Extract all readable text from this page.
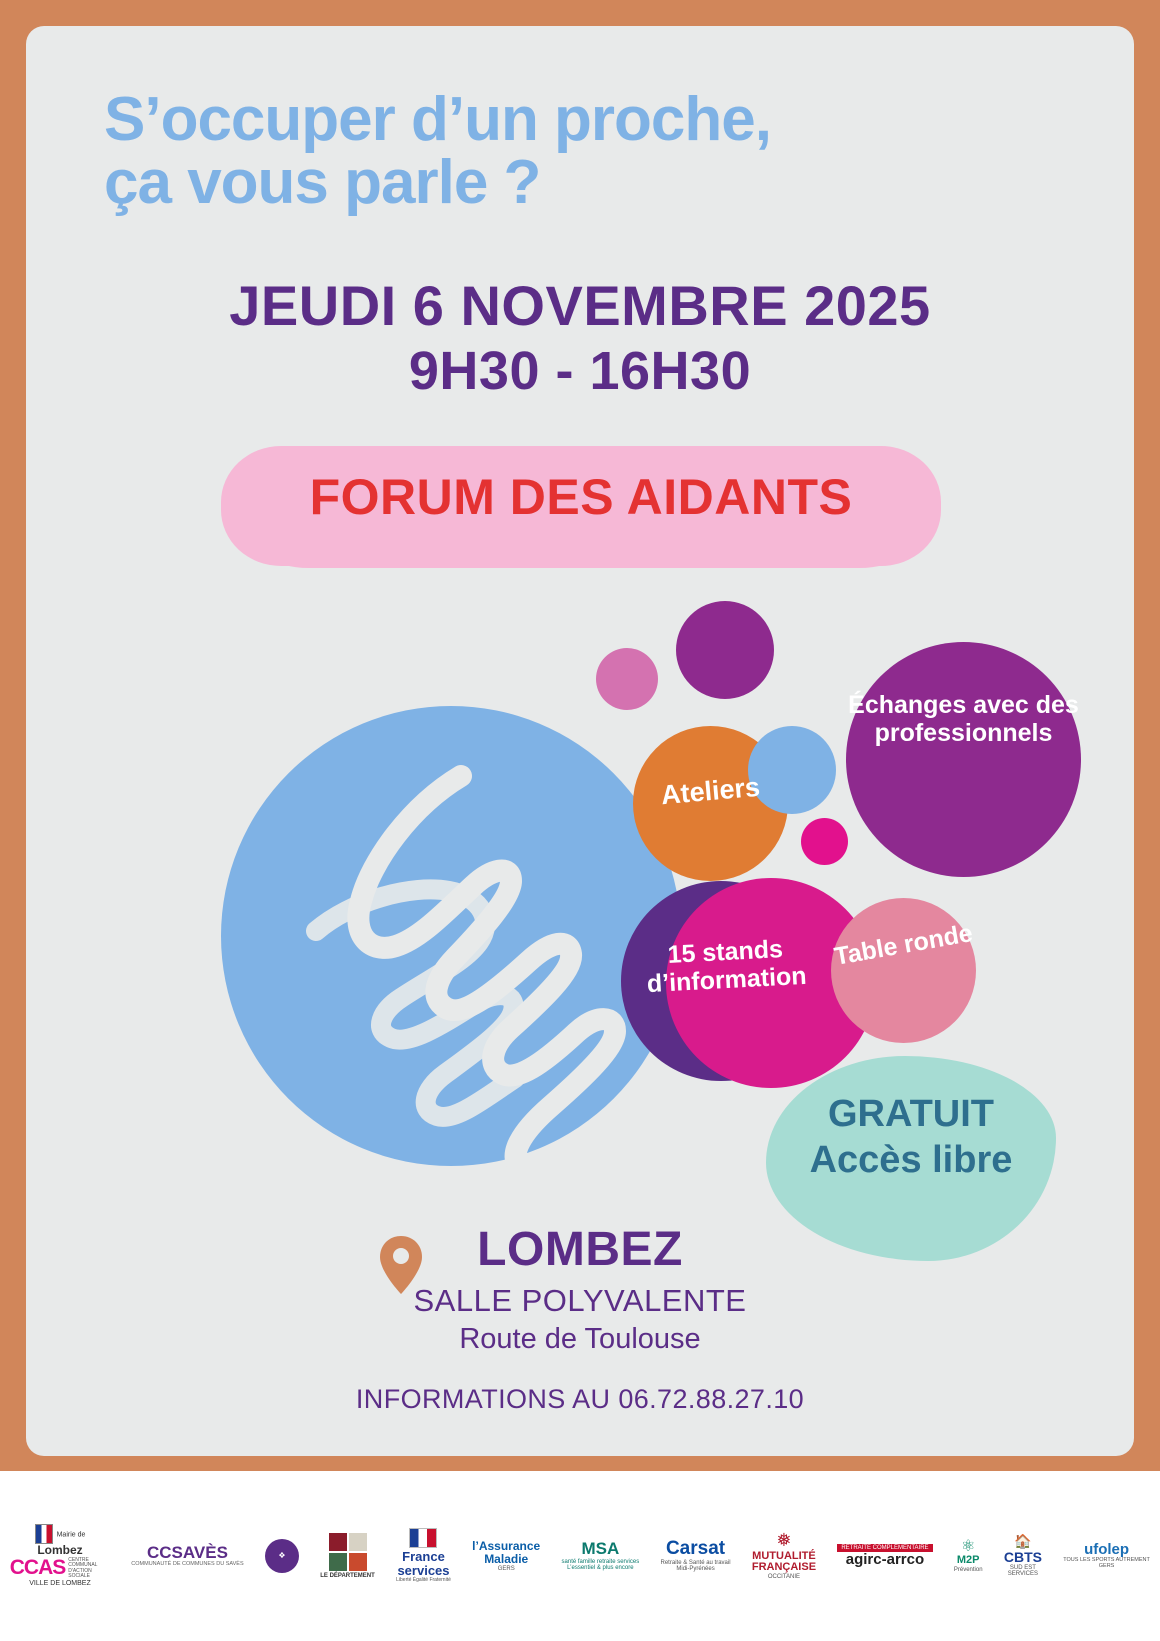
S’occuper d’un proche,
ça vous parle ?
JEUDI 6 NOVEMBRE 2025
9H30 - 16H30
FORUM DES AIDANTS
Ateliers
Échanges avec des professionnels
15 stands d’information
Table ronde
GRATUIT
Accès libre
LOMBEZ
SALLE POLYVALENTE
Route de Toulouse
INFORMATIONS AU 06.72.88.27.10
Mairie de
Lombez
CCAS CENTRE COMMUNAL D'ACTION SOCIALE
VILLE DE LOMBEZ
CCSAVÈS
COMMUNAUTÉ DE COMMUNES DU SAVÈS
❖
LE DÉPARTEMENT
France
services
Liberté Égalité Fraternité
l’Assurance
Maladie
GERS
MSA
santé famille retraite services
L’essentiel & plus encore
Carsat
Retraite & Santé au travail
Midi-Pyrénées
❅
MUTUALITÉ
FRANÇAISE
OCCITANIE
RETRAITE COMPLÉMENTAIRE
agirc-arrco
⚛
M2P
Prévention
🏠
CBTS
SUD EST
SERVICES
ufolep
TOUS LES SPORTS AUTREMENT
GERS
